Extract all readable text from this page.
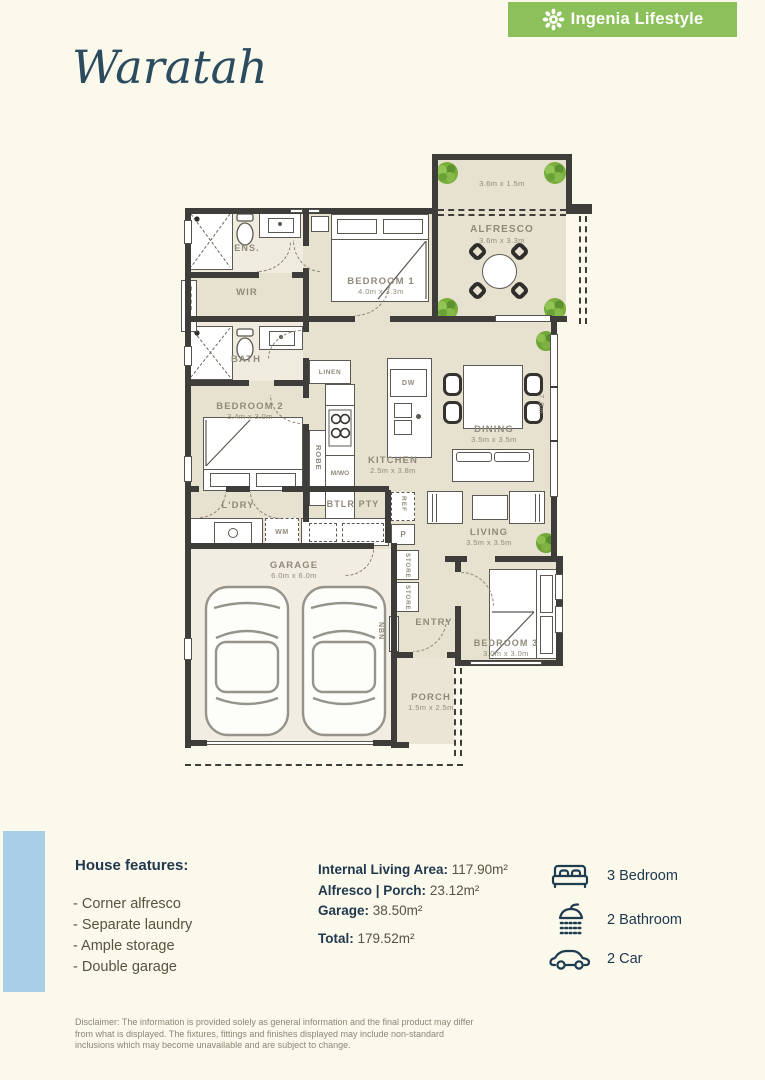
Ingenia Lifestyle
Waratah
LINEN
M/WO
DW
ROBE
WM
REF
P
STORE
STORE
3.6m x 1.5m
ALFRESCO
3.6m x 3.3m
ENS.
WIR
BEDROOM 1
4.0m x 3.3m
BATH
BEDROOM 2
3.4m x 3.0m
KITCHEN
2.5m x 3.8m
DINING
3.5m x 3.5m
LIVING
3.5m x 3.5m
L'DRY	BTLR PTY
GARAGE
6.0m x 6.0m
ENTRY
BEDROOM 3
3.0m x 3.0m
PORCH
1.5m x 2.5m
7.0m
NBN
House features:
- Corner alfresco
- Separate laundry
- Ample storage
- Double garage
Internal Living Area: 117.90m²
Alfresco | Porch: 23.12m²
Garage: 38.50m²
Total: 179.52m²
3 Bedroom
2 Bathroom
2 Car

Disclaimer: The information is provided solely as general information and the final product may differ from what is displayed. The fixtures, fittings and finishes displayed may include non-standard inclusions which may become unavailable and are subject to change.
